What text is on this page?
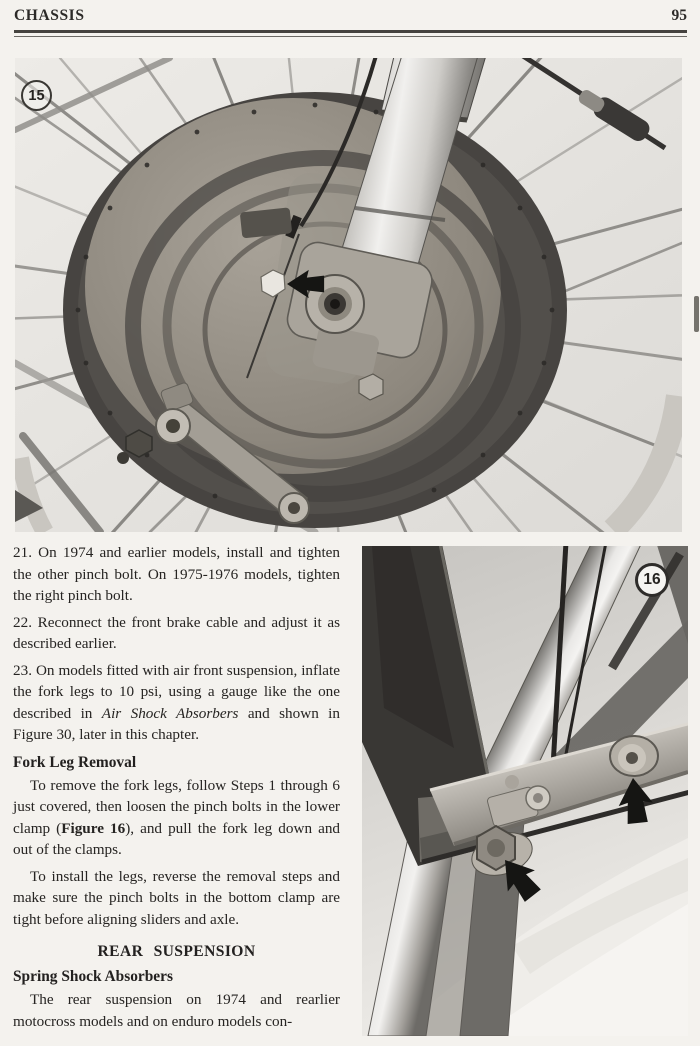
CHASSIS	95
15
16

21. On 1974 and earlier models, install and tighten the other pinch bolt. On 1975-1976 models, tighten the right pinch bolt.

22. Reconnect the front brake cable and adjust it as described earlier.

23. On models fitted with air front suspension, inflate the fork legs to 10 psi, using a gauge like the one described in Air Shock Absorbers and shown in Figure 30, later in this chapter.

Fork Leg Removal

To remove the fork legs, follow Steps 1 through 6 just covered, then loosen the pinch bolts in the lower clamp (Figure 16), and pull the fork leg down and out of the clamps.

To install the legs, reverse the removal steps and make sure the pinch bolts in the bottom clamp are tight before aligning sliders and axle.

REAR SUSPENSION

Spring Shock Absorbers

The rear suspension on 1974 and rearlier motocross models and on enduro models con-
